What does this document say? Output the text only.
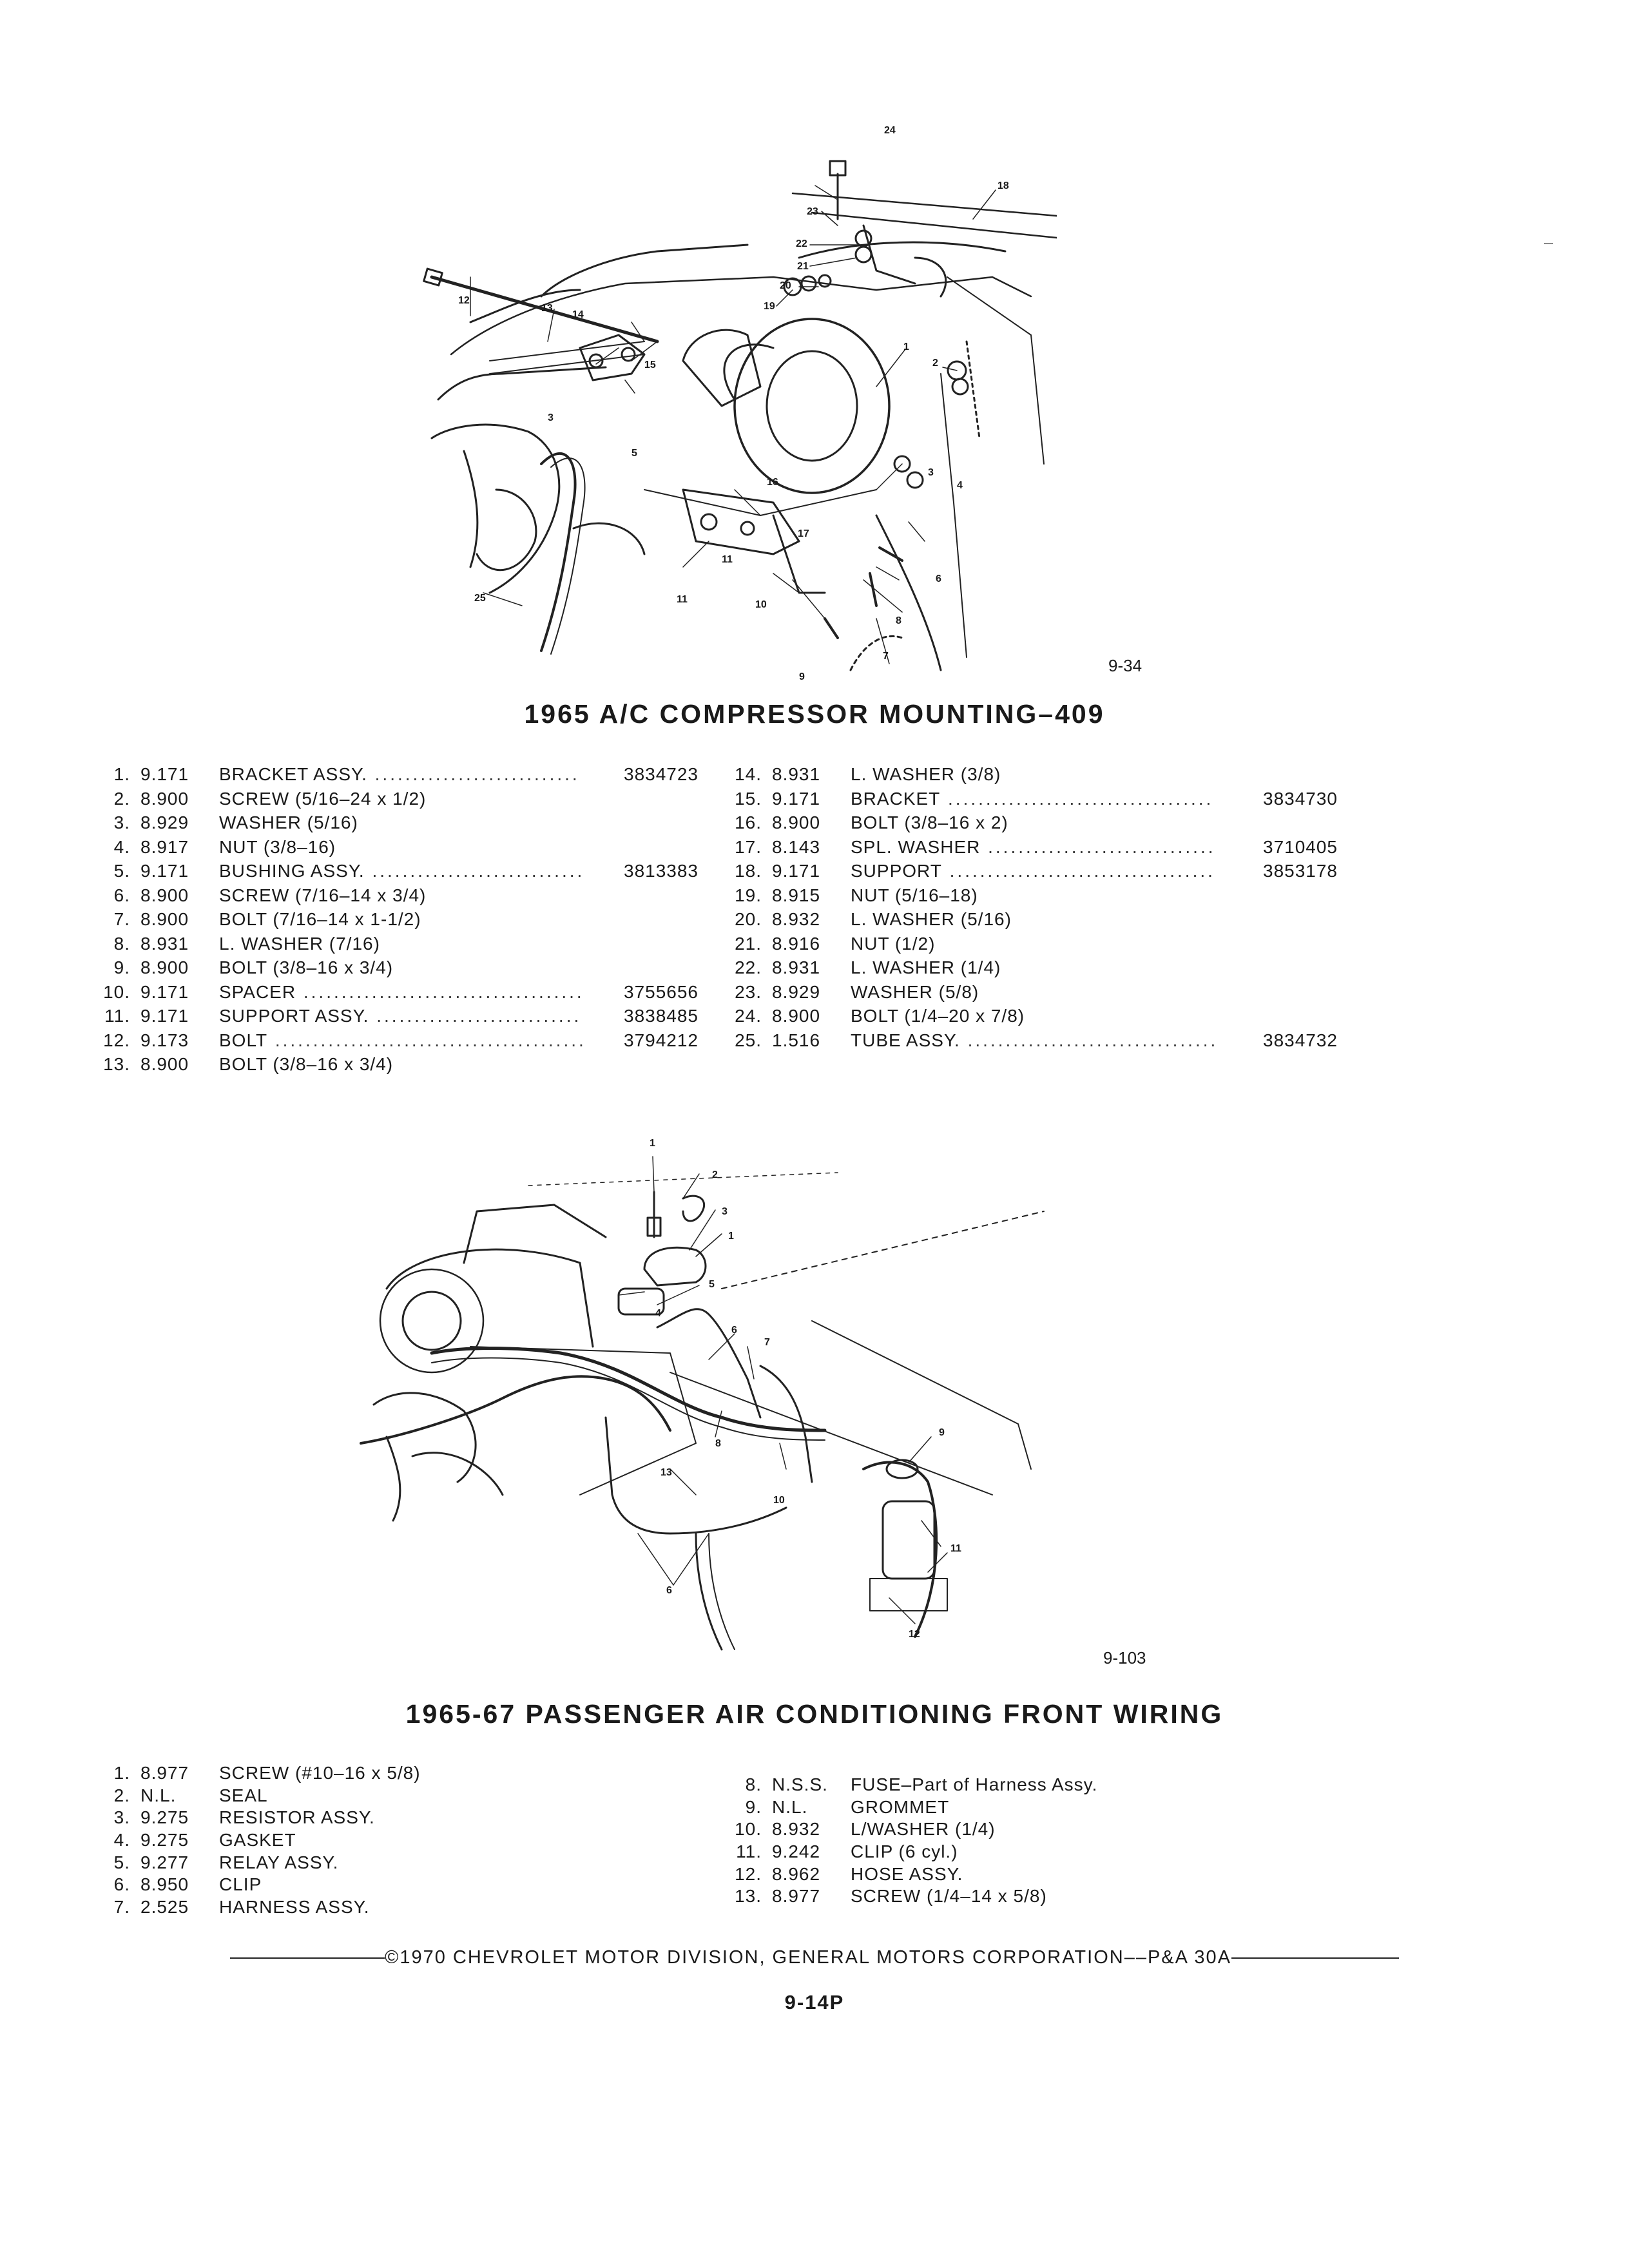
24
18
23
22
21
20
19
1
2
12
13
14
15
3
5
16
17
3
4
6
8
7
9
10
11
11
25
9-34
1965 A/C COMPRESSOR MOUNTING–409
1. 9.171 BRACKET ASSY. ........................... 3834723
2. 8.900 SCREW (5/16–24 x 1/2)
3. 8.929 WASHER (5/16)
4. 8.917 NUT (3/8–16)
5. 9.171 BUSHING ASSY. ............................ 3813383
6. 8.900 SCREW (7/16–14 x 3/4)
7. 8.900 BOLT (7/16–14 x 1-1/2)
8. 8.931 L. WASHER (7/16)
9. 8.900 BOLT (3/8–16 x 3/4)
10. 9.171 SPACER ..................................... 3755656
11. 9.171 SUPPORT ASSY. ........................... 3838485
12. 9.173 BOLT ......................................... 3794212
13. 8.900 BOLT (3/8–16 x 3/4)
14. 8.931 L. WASHER (3/8)
15. 9.171 BRACKET ...................................	3834730
16. 8.900 BOLT (3/8–16 x 2)
17. 8.143 SPL. WASHER ..............................	3710405
18. 9.171 SUPPORT ...................................	3853178
19. 8.915 NUT (5/16–18)
20. 8.932 L. WASHER (5/16)
21. 8.916 NUT (1/2)
22. 8.931 L. WASHER (1/4)
23. 8.929 WASHER (5/8)
24. 8.900 BOLT (1/4–20 x 7/8)
25. 1.516 TUBE ASSY. ................................. 3834732
1
2
3
1
5
4
6
7
8
9
10
13
11
12
6
9-103
1965-67 PASSENGER AIR CONDITIONING FRONT WIRING
1. 8.977 SCREW (#10–16 x 5/8)
2. N.L. SEAL
3. 9.275 RESISTOR ASSY.
4. 9.275 GASKET
5. 9.277 RELAY ASSY.
6. 8.950 CLIP
7. 2.525 HARNESS ASSY.
8. N.S.S. FUSE–Part of Harness Assy.
9. N.L. GROMMET
10. 8.932 L/WASHER (1/4)
11. 9.242 CLIP (6 cyl.)
12. 8.962 HOSE ASSY.
13. 8.977 SCREW (1/4–14 x 5/8)
©1970 CHEVROLET MOTOR DIVISION, GENERAL MOTORS CORPORATION––P&A 30A
9-14P
